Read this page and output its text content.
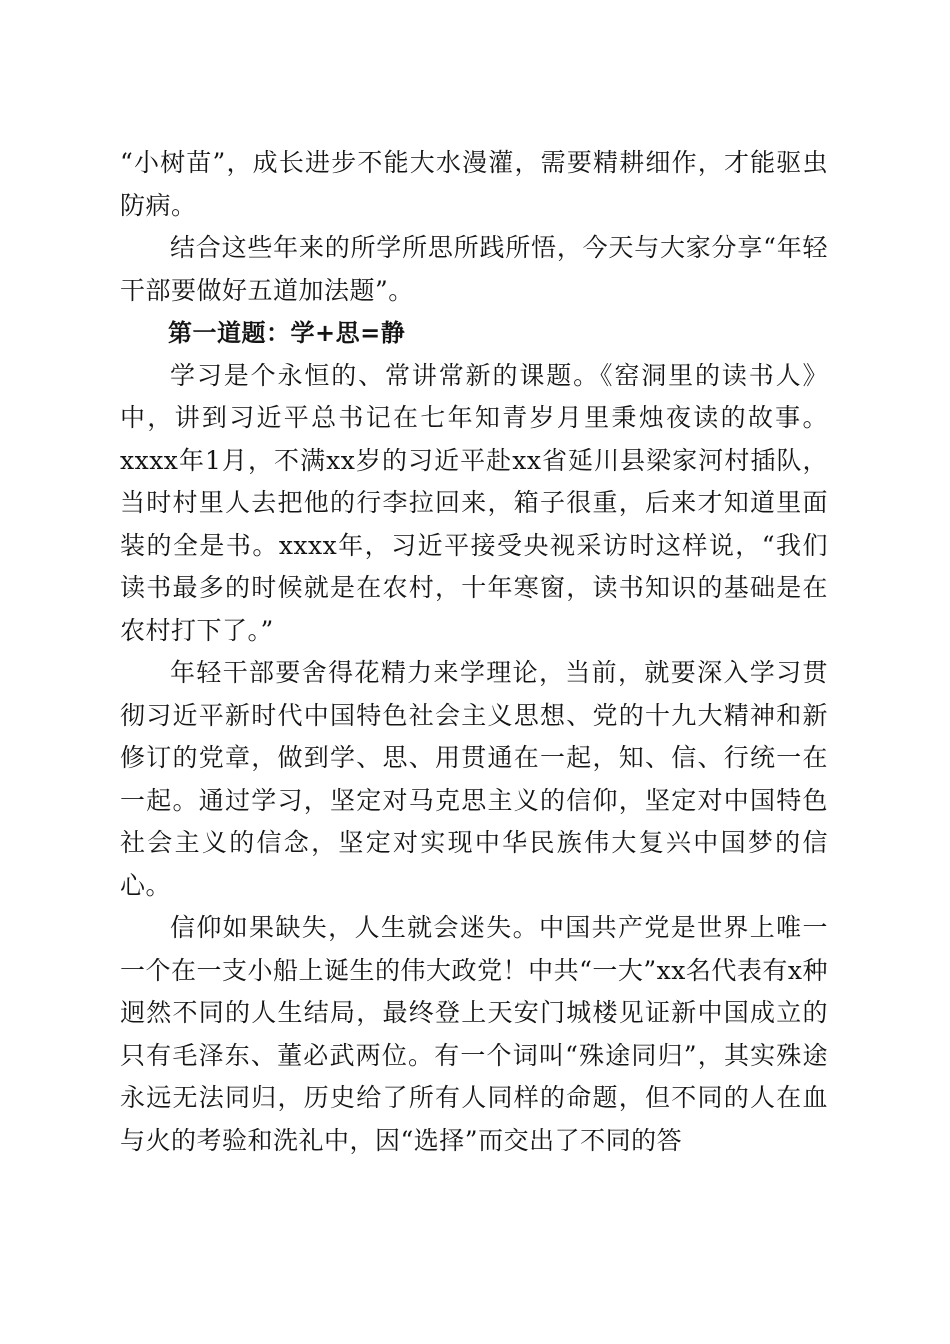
“小树苗”，成长进步不能大水漫灌，需要精耕细作，才能驱虫防病。

结合这些年来的所学所思所践所悟，今天与大家分享“年轻干部要做好五道加法题”。

第一道题：学+思=静

学习是个永恒的、常讲常新的课题。《窑洞里的读书人》中，讲到习近平总书记在七年知青岁月里秉烛夜读的故事。xxxx年1月，不满xx岁的习近平赴xx省延川县梁家河村插队，当时村里人去把他的行李拉回来，箱子很重，后来才知道里面装的全是书。xxxx年，习近平接受央视采访时这样说，“我们读书最多的时候就是在农村，十年寒窗，读书知识的基础是在农村打下了。”

年轻干部要舍得花精力来学理论，当前，就要深入学习贯彻习近平新时代中国特色社会主义思想、党的十九大精神和新修订的党章，做到学、思、用贯通在一起，知、信、行统一在一起。通过学习，坚定对马克思主义的信仰，坚定对中国特色社会主义的信念，坚定对实现中华民族伟大复兴中国梦的信心。

信仰如果缺失，人生就会迷失。中国共产党是世界上唯一一个在一支小船上诞生的伟大政党！中共“一大”xx名代表有x种迥然不同的人生结局，最终登上天安门城楼见证新中国成立的只有毛泽东、董必武两位。有一个词叫“殊途同归”，其实殊途永远无法同归，历史给了所有人同样的命题，但不同的人在血与火的考验和洗礼中，因“选择”而交出了不同的答
